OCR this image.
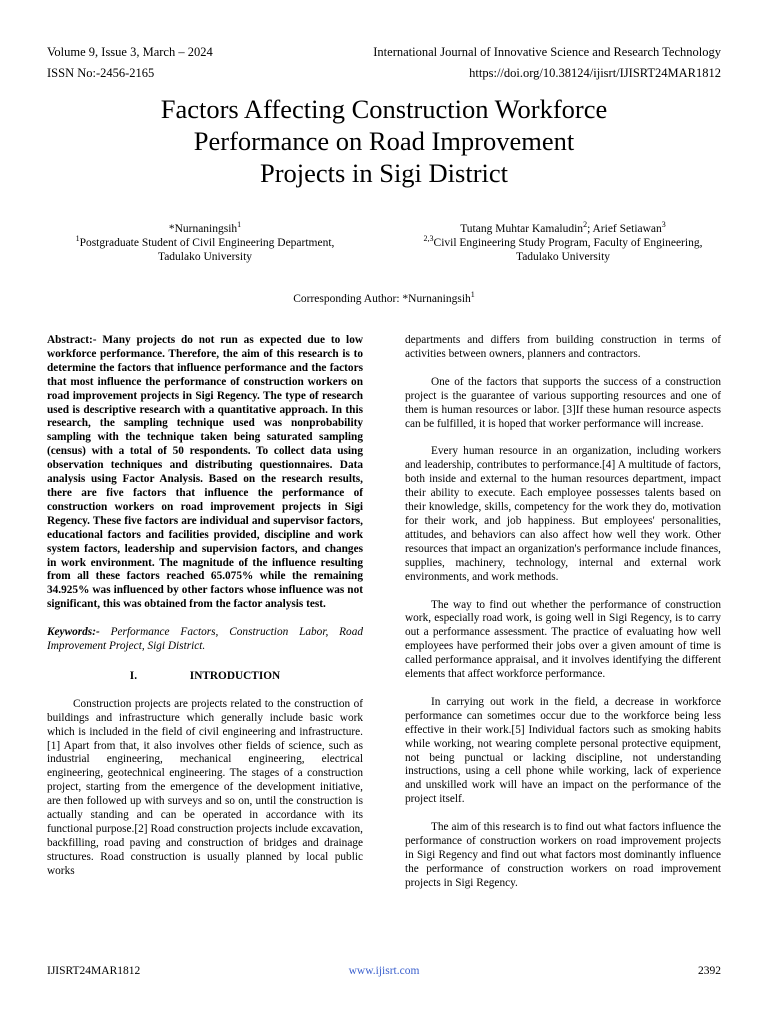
Volume 9, Issue 3, March – 2024	International Journal of Innovative Science and Research Technology
ISSN No:-2456-2165	https://doi.org/10.38124/ijisrt/IJISRT24MAR1812
Factors Affecting Construction Workforce
Performance on Road Improvement
Projects in Sigi District
*Nurnaningsih$^1$
$^1$Postgraduate Student of Civil Engineering Department,
Tadulako University
Tutang Muhtar Kamaludin$^2$; Arief Setiawan$^3$
$^{2,3}$Civil Engineering Study Program, Faculty of Engineering,
Tadulako University
Corresponding Author: *Nurnaningsih$^1$

Abstract:- Many projects do not run as expected due to low workforce performance. Therefore, the aim of this research is to determine the factors that influence performance and the factors that most influence the performance of construction workers on road improvement projects in Sigi Regency. The type of research used is descriptive research with a quantitative approach. In this research, the sampling technique used was nonprobability sampling with the technique taken being saturated sampling (census) with a total of 50 respondents. To collect data using observation techniques and distributing questionnaires. Data analysis using Factor Analysis. Based on the research results, there are five factors that influence the performance of construction workers on road improvement projects in Sigi Regency. These five factors are individual and supervisor factors, educational factors and facilities provided, discipline and work system factors, leadership and supervision factors, and changes in work environment. The magnitude of the influence resulting from all these factors reached 65.075% while the remaining 34.925% was influenced by other factors whose influence was not significant, this was obtained from the factor analysis test.

Keywords:- Performance Factors, Construction Labor, Road Improvement Project, Sigi District.

I.	INTRODUCTION

Construction projects are projects related to the construction of buildings and infrastructure which generally include basic work which is included in the field of civil engineering and infrastructure.[1] Apart from that, it also involves other fields of science, such as industrial engineering, mechanical engineering, electrical engineering, geotechnical engineering. The stages of a construction project, starting from the emergence of the development initiative, are then followed up with surveys and so on, until the construction is actually standing and can be operated in accordance with its functional purpose.[2] Road construction projects include excavation, backfilling, road paving and construction of bridges and drainage structures. Road construction is usually planned by local public works

departments and differs from building construction in terms of activities between owners, planners and contractors.

One of the factors that supports the success of a construction project is the guarantee of various supporting resources and one of them is human resources or labor. [3]If these human resource aspects can be fulfilled, it is hoped that worker performance will increase.

Every human resource in an organization, including workers and leadership, contributes to performance.[4] A multitude of factors, both inside and external to the human resources department, impact their ability to execute. Each employee possesses talents based on their knowledge, skills, competency for the work they do, motivation for their work, and job happiness. But employees' personalities, attitudes, and behaviors can also affect how well they work. Other resources that impact an organization's performance include finances, supplies, machinery, technology, internal and external work environments, and work methods.

The way to find out whether the performance of construction work, especially road work, is going well in Sigi Regency, is to carry out a performance assessment. The practice of evaluating how well employees have performed their jobs over a given amount of time is called performance appraisal, and it involves identifying the different elements that affect workforce performance.

In carrying out work in the field, a decrease in workforce performance can sometimes occur due to the workforce being less effective in their work.[5] Individual factors such as smoking habits while working, not wearing complete personal protective equipment, not being punctual or lacking discipline, not understanding instructions, using a cell phone while working, lack of experience and unskilled work will have an impact on the performance of the project itself.

The aim of this research is to find out what factors influence the performance of construction workers on road improvement projects in Sigi Regency and find out what factors most dominantly influence the performance of construction workers on road improvement projects in Sigi Regency.

IJISRT24MAR1812	www.ijisrt.com	2392
